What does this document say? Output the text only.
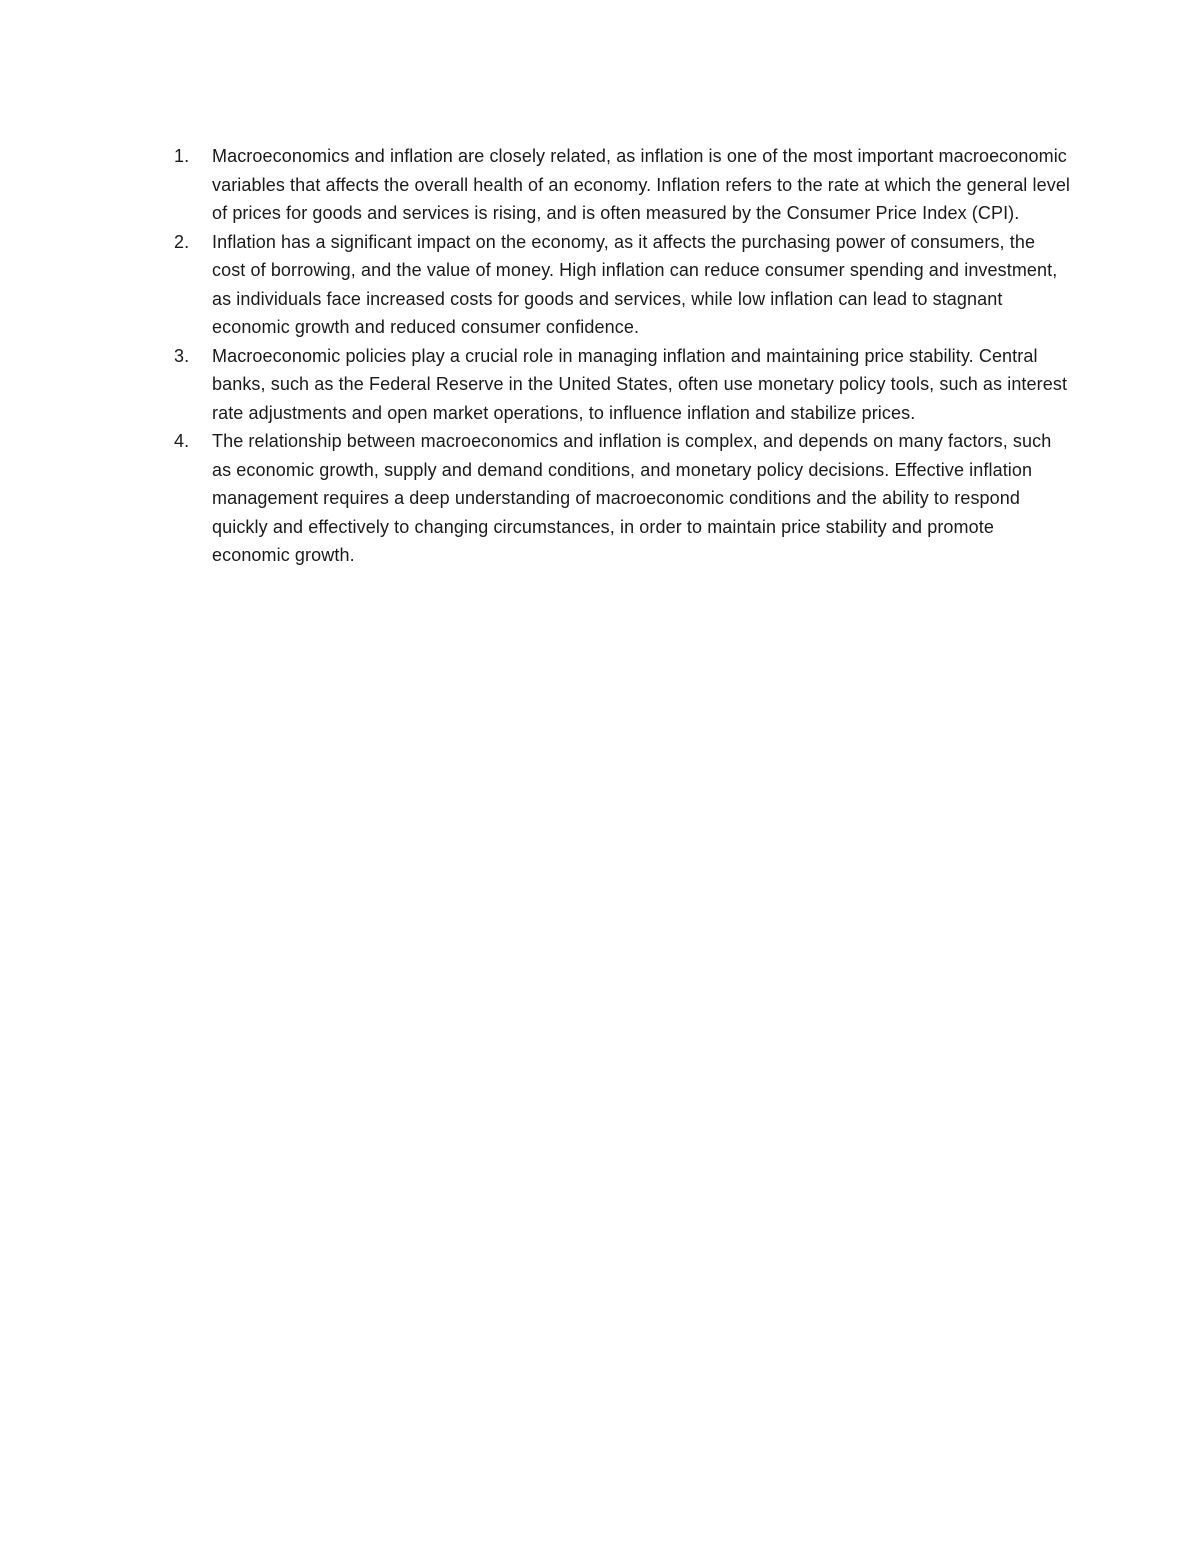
1.	Macroeconomics and inflation are closely related, as inflation is one of the most important macroeconomic variables that affects the overall health of an economy. Inflation refers to the rate at which the general level of prices for goods and services is rising, and is often measured by the Consumer Price Index (CPI).
2.	Inflation has a significant impact on the economy, as it affects the purchasing power of consumers, the cost of borrowing, and the value of money. High inflation can reduce consumer spending and investment, as individuals face increased costs for goods and services, while low inflation can lead to stagnant economic growth and reduced consumer confidence.
3.	Macroeconomic policies play a crucial role in managing inflation and maintaining price stability. Central banks, such as the Federal Reserve in the United States, often use monetary policy tools, such as interest rate adjustments and open market operations, to influence inflation and stabilize prices.
4.	The relationship between macroeconomics and inflation is complex, and depends on many factors, such as economic growth, supply and demand conditions, and monetary policy decisions. Effective inflation management requires a deep understanding of macroeconomic conditions and the ability to respond quickly and effectively to changing circumstances, in order to maintain price stability and promote economic growth.
